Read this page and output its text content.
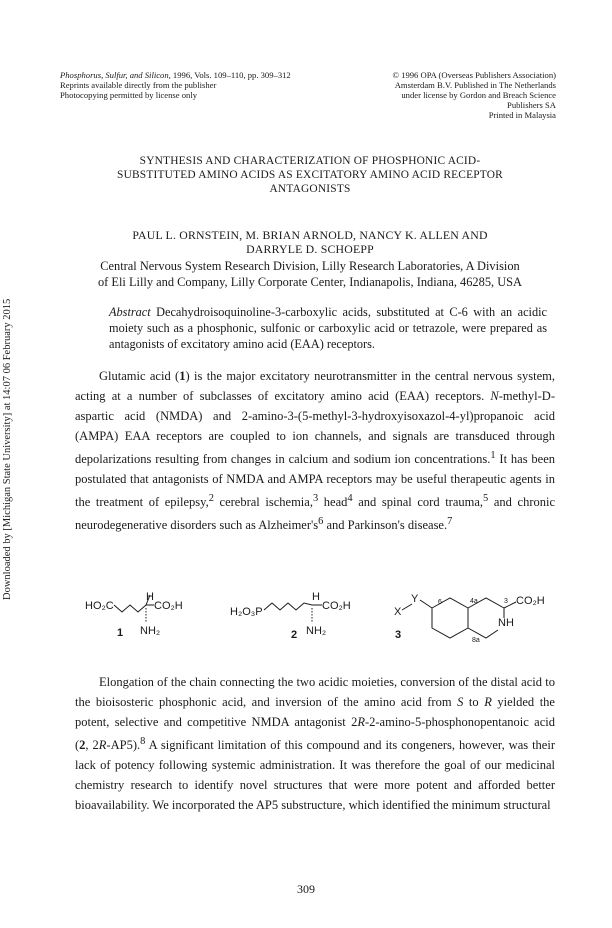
Downloaded by [Michigan State University] at 14:07 06 February 2015
Phosphorus, Sulfur, and Silicon, 1996, Vols. 109–110, pp. 309–312
Reprints available directly from the publisher
Photocopying permitted by license only
© 1996 OPA (Overseas Publishers Association)
Amsterdam B.V. Published in The Netherlands
under license by Gordon and Breach Science
Publishers SA
Printed in Malaysia
SYNTHESIS AND CHARACTERIZATION OF PHOSPHONIC ACID-
SUBSTITUTED AMINO ACIDS AS EXCITATORY AMINO ACID RECEPTOR
ANTAGONISTS
PAUL L. ORNSTEIN, M. BRIAN ARNOLD, NANCY K. ALLEN AND
DARRYLE D. SCHOEPP
Central Nervous System Research Division, Lilly Research Laboratories, A Division
of Eli Lilly and Company, Lilly Corporate Center, Indianapolis, Indiana, 46285, USA
Abstract Decahydroisoquinoline-3-carboxylic acids, substituted at C-6 with an acidic moiety such as a phosphonic, sulfonic or carboxylic acid or tetrazole, were prepared as antagonists of excitatory amino acid (EAA) receptors.

Glutamic acid (1) is the major excitatory neurotransmitter in the central nervous system, acting at a number of subclasses of excitatory amino acid (EAA) receptors. N-methyl-D-aspartic acid (NMDA) and 2-amino-3-(5-methyl-3-hydroxyisoxazol-4-yl)propanoic acid (AMPA) EAA receptors are coupled to ion channels, and signals are transduced through depolarizations resulting from changes in calcium and sodium ion concentrations.$^1$ It has been postulated that antagonists of NMDA and AMPA receptors may be useful therapeutic agents in the treatment of epilepsy,$^2$ cerebral ischemia,$^3$ head$^4$ and spinal cord trauma,$^5$ and chronic neurodegenerative disorders such as $Alzheimer's^6$ and Parkinson's disease.$^7$

HO₂C
H
CO₂H
NH₂
1
H₂O₃P
H
CO₂H
NH₂
2
X
Y	CO₂H
NH
6	4a	3
8a
3

Elongation of the chain connecting the two acidic moieties, conversion of the distal acid to the bioisosteric phosphonic acid, and inversion of the amino acid from S to R yielded the potent, selective and competitive NMDA antagonist 2R-2-amino-5-phosphonopentanoic acid (2, 2R-AP5).$^8$ A significant limitation of this compound and its congeners, however, was their lack of potency following systemic administration. It was therefore the goal of our medicinal chemistry research to identify novel structures that were more potent and afforded better bioavailability. We incorporated the AP5 substructure, which identified the minimum structural

309
